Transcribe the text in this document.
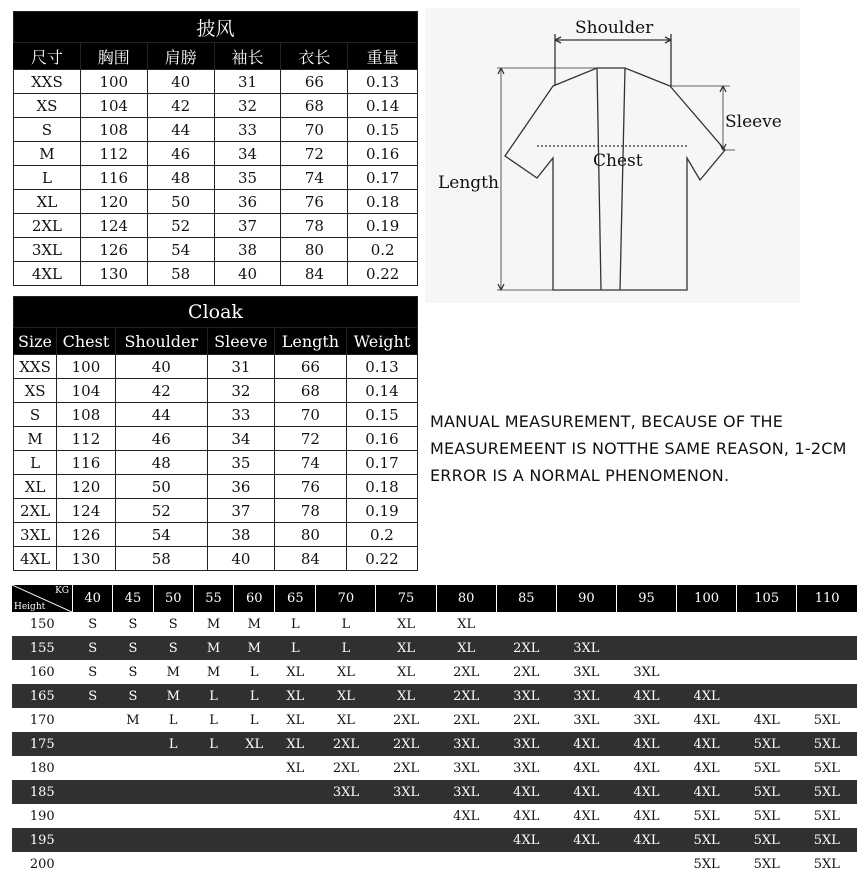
披风					
尺寸	胸围	肩膀	袖长	衣长	重量
XXS	100	40	31	66	0.13
XS	104	42	32	68	0.14
S	108	44	33	70	0.15
M	112	46	34	72	0.16
L	116	48	35	74	0.17
XL	120	50	36	76	0.18
2XL	124	52	37	78	0.19
3XL	126	54	38	80	0.2
4XL	130	58	40	84	0.22
Cloak					
Size	Chest	Shoulder	Sleeve	Length	Weight
XXS	100	40	31	66	0.13
XS	104	42	32	68	0.14
S	108	44	33	70	0.15
M	112	46	34	72	0.16
L	116	48	35	74	0.17
XL	120	50	36	76	0.18
2XL	124	52	37	78	0.19
3XL	126	54	38	80	0.2
4XL	130	58	40	84	0.22
Shoulder
Sleeve
Chest
Length
MANUAL MEASUREMENT, BECAUSE OF THE MEASUREMEENT IS NOTTHE SAME REASON, 1-2CM ERROR IS A NORMAL PHENOMENON.
KG
Height	40	45	50	55	60	65	70	75	80	85	90	95	100	105	110
150	S	S	S	M	M	L	L	XL	XL						
155	S	S	S	M	M	L	L	XL	XL	2XL	3XL				
160	S	S	M	M	L	XL	XL	XL	2XL	2XL	3XL	3XL			
165	S	S	M	L	L	XL	XL	XL	2XL	3XL	3XL	4XL	4XL		
170		M	L	L	L	XL	XL	2XL	2XL	2XL	3XL	3XL	4XL	4XL	5XL
175			L	L	XL	XL	2XL	2XL	3XL	3XL	4XL	4XL	4XL	5XL	5XL
180						XL	2XL	2XL	3XL	3XL	4XL	4XL	4XL	5XL	5XL
185							3XL	3XL	3XL	4XL	4XL	4XL	4XL	5XL	5XL
190									4XL	4XL	4XL	4XL	5XL	5XL	5XL
195										4XL	4XL	4XL	5XL	5XL	5XL
200													5XL	5XL	5XL
